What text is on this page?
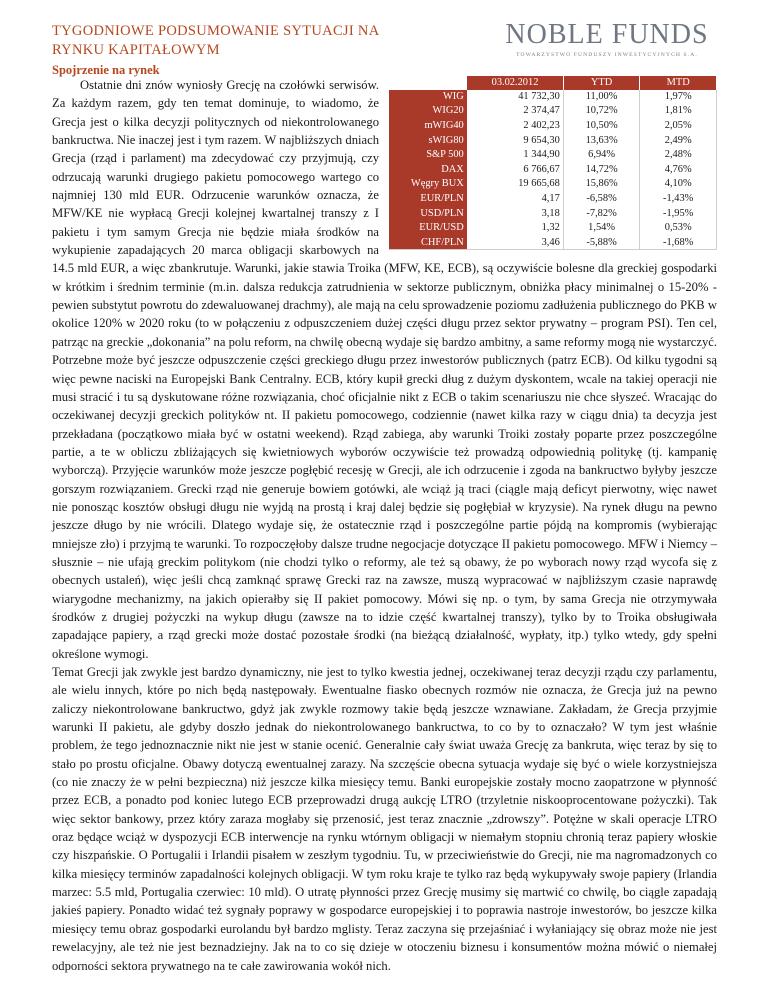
TYGODNIOWE PODSUMOWANIE SYTUACJI NA RYNKU KAPITAŁOWYM	NOBLE FUNDS
TOWARZYSTWO FUNDUSZY INWESTYCYJNYCH S.A.
Spojrzenie na rynek
	03.02.2012	YTD	MTD
WIG	41 732,30	11,00%	1,97%
WIG20	2 374,47	10,72%	1,81%
mWIG40	2 402,23	10,50%	2,05%
sWIG80	9 654,30	13,63%	2,49%
S&P 500	1 344,90	6,94%	2,48%
DAX	6 766,67	14,72%	4,76%
Węgry BUX	19 665,68	15,86%	4,10%
EUR/PLN	4,17	-6,58%	-1,43%
USD/PLN	3,18	-7,82%	-1,95%
EUR/USD	1,32	1,54%	0,53%
CHF/PLN	3,46	-5,88%	-1,68%

Ostatnie dni znów wyniosły Grecję na czołówki serwisów. Za każdym razem, gdy ten temat dominuje, to wiadomo, że Grecja jest o kilka decyzji politycznych od niekontrolowanego bankructwa. Nie inaczej jest i tym razem. W najbliższych dniach Grecja (rząd i parlament) ma zdecydować czy przyjmują, czy odrzucają warunki drugiego pakietu pomocowego wartego co najmniej 130 mld EUR. Odrzucenie warunków oznacza, że MFW/KE nie wypłacą Grecji kolejnej kwartalnej transzy z I pakietu i tym samym Grecja nie będzie miała środków na wykupienie zapadających 20 marca obligacji skarbowych na 14.5 mld EUR, a więc zbankrutuje. Warunki, jakie stawia Troika (MFW, KE, ECB), są oczywiście bolesne dla greckiej gospodarki w krótkim i średnim terminie (m.in. dalsza redukcja zatrudnienia w sektorze publicznym, obniżka płacy minimalnej o 15-20% - pewien substytut powrotu do zdewaluowanej drachmy), ale mają na celu sprowadzenie poziomu zadłużenia publicznego do PKB w okolice 120% w 2020 roku (to w połączeniu z odpuszczeniem dużej części długu przez sektor prywatny – program PSI). Ten cel, patrząc na greckie „dokonania” na polu reform, na chwilę obecną wydaje się bardzo ambitny, a same reformy mogą nie wystarczyć. Potrzebne może być jeszcze odpuszczenie części greckiego długu przez inwestorów publicznych (patrz ECB). Od kilku tygodni są więc pewne naciski na Europejski Bank Centralny. ECB, który kupił grecki dług z dużym dyskontem, wcale na takiej operacji nie musi stracić i tu są dyskutowane różne rozwiązania, choć oficjalnie nikt z ECB o takim scenariuszu nie chce słyszeć. Wracając do oczekiwanej decyzji greckich polityków nt. II pakietu pomocowego, codziennie (nawet kilka razy w ciągu dnia) ta decyzja jest przekładana (początkowo miała być w ostatni weekend). Rząd zabiega, aby warunki Troiki zostały poparte przez poszczególne partie, a te w obliczu zbliżających się kwietniowych wyborów oczywiście też prowadzą odpowiednią politykę (tj. kampanię wyborczą). Przyjęcie warunków może jeszcze pogłębić recesję w Grecji, ale ich odrzucenie i zgoda na bankructwo byłyby jeszcze gorszym rozwiązaniem. Grecki rząd nie generuje bowiem gotówki, ale wciąż ją traci (ciągle mają deficyt pierwotny, więc nawet nie ponosząc kosztów obsługi długu nie wyjdą na prostą i kraj dalej będzie się pogłębiał w kryzysie). Na rynek długu na pewno jeszcze długo by nie wrócili. Dlatego wydaje się, że ostatecznie rząd i poszczególne partie pójdą na kompromis (wybierając mniejsze zło) i przyjmą te warunki. To rozpoczęłoby dalsze trudne negocjacje dotyczące II pakietu pomocowego. MFW i Niemcy – słusznie – nie ufają greckim politykom (nie chodzi tylko o reformy, ale też są obawy, że po wyborach nowy rząd wycofa się z obecnych ustaleń), więc jeśli chcą zamknąć sprawę Grecki raz na zawsze, muszą wypracować w najbliższym czasie naprawdę wiarygodne mechanizmy, na jakich opierałby się II pakiet pomocowy. Mówi się np. o tym, by sama Grecja nie otrzymywała środków z drugiej pożyczki na wykup długu (zawsze na to idzie część kwartalnej transzy), tylko by to Troika obsługiwała zapadające papiery, a rząd grecki może dostać pozostałe środki (na bieżącą działalność, wypłaty, itp.) tylko wtedy, gdy spełni określone wymogi.

Temat Grecji jak zwykle jest bardzo dynamiczny, nie jest to tylko kwestia jednej, oczekiwanej teraz decyzji rządu czy parlamentu, ale wielu innych, które po nich będą następowały. Ewentualne fiasko obecnych rozmów nie oznacza, że Grecja już na pewno zaliczy niekontrolowane bankructwo, gdyż jak zwykle rozmowy takie będą jeszcze wznawiane. Zakładam, że Grecja przyjmie warunki II pakietu, ale gdyby doszło jednak do niekontrolowanego bankructwa, to co by to oznaczało? W tym jest właśnie problem, że tego jednoznacznie nikt nie jest w stanie ocenić. Generalnie cały świat uważa Grecję za bankruta, więc teraz by się to stało po prostu oficjalne. Obawy dotyczą ewentualnej zarazy. Na szczęście obecna sytuacja wydaje się być o wiele korzystniejsza (co nie znaczy że w pełni bezpieczna) niż jeszcze kilka miesięcy temu. Banki europejskie zostały mocno zaopatrzone w płynność przez ECB, a ponadto pod koniec lutego ECB przeprowadzi drugą aukcję LTRO (trzyletnie niskooprocentowane pożyczki). Tak więc sektor bankowy, przez który zaraza mogłaby się przenosić, jest teraz znacznie „zdrowszy”. Potężne w skali operacje LTRO oraz będące wciąż w dyspozycji ECB interwencje na rynku wtórnym obligacji w niemałym stopniu chronią teraz papiery włoskie czy hiszpańskie. O Portugalii i Irlandii pisałem w zeszłym tygodniu. Tu, w przeciwieństwie do Grecji, nie ma nagromadzonych co kilka miesięcy terminów zapadalności kolejnych obligacji. W tym roku kraje te tylko raz będą wykupywały swoje papiery (Irlandia marzec: 5.5 mld, Portugalia czerwiec: 10 mld). O utratę płynności przez Grecję musimy się martwić co chwilę, bo ciągle zapadają jakieś papiery. Ponadto widać też sygnały poprawy w gospodarce europejskiej i to poprawia nastroje inwestorów, bo jeszcze kilka miesięcy temu obraz gospodarki eurolandu był bardzo mglisty. Teraz zaczyna się przejaśniać i wyłaniający się obraz może nie jest rewelacyjny, ale też nie jest beznadziejny. Jak na to co się dzieje w otoczeniu biznesu i konsumentów można mówić o niemałej odporności sektora prywatnego na te całe zawirowania wokół nich.
